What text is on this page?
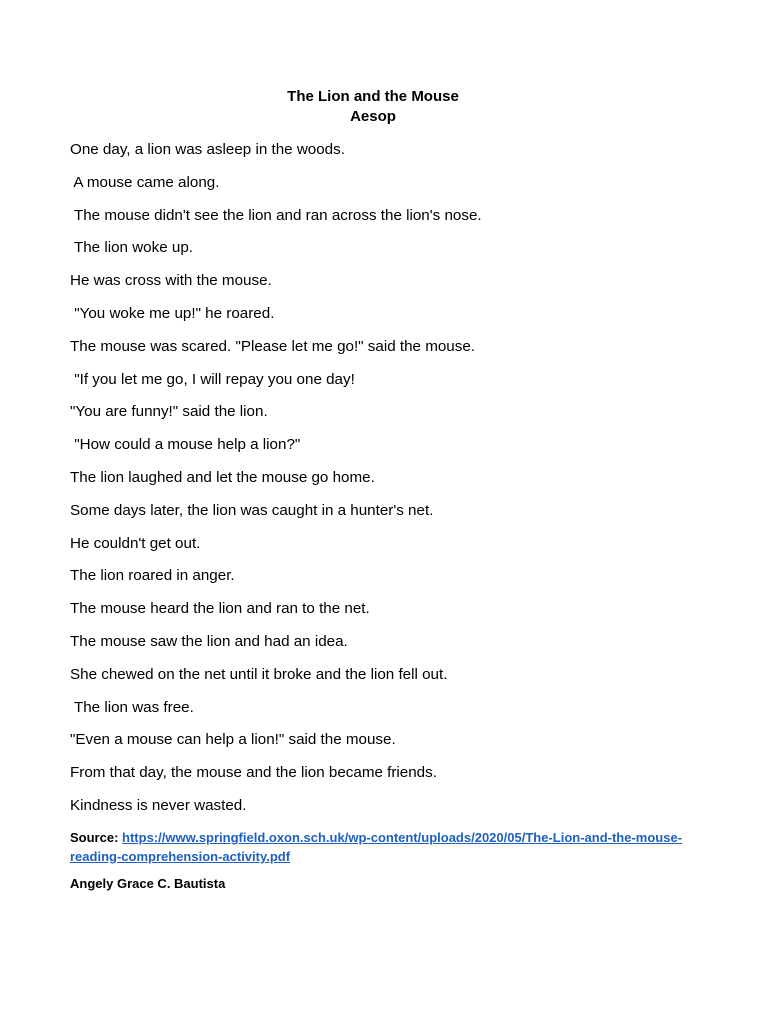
The Lion and the Mouse
Aesop
One day, a lion was asleep in the woods.
A mouse came along.
The mouse didn't see the lion and ran across the lion's nose.
The lion woke up.
He was cross with the mouse.
"You woke me up!" he roared.
The mouse was scared. "Please let me go!" said the mouse.
"If you let me go, I will repay you one day!
"You are funny!" said the lion.
"How could a mouse help a lion?"
The lion laughed and let the mouse go home.
Some days later, the lion was caught in a hunter's net.
He couldn't get out.
The lion roared in anger.
The mouse heard the lion and ran to the net.
The mouse saw the lion and had an idea.
She chewed on the net until it broke and the lion fell out.
The lion was free.
"Even a mouse can help a lion!" said the mouse.
From that day, the mouse and the lion became friends.
Kindness is never wasted.

Source: https://www.springfield.oxon.sch.uk/wp-content/uploads/2020/05/The-Lion-and-the-mouse-reading-comprehension-activity.pdf

Angely Grace C. Bautista
